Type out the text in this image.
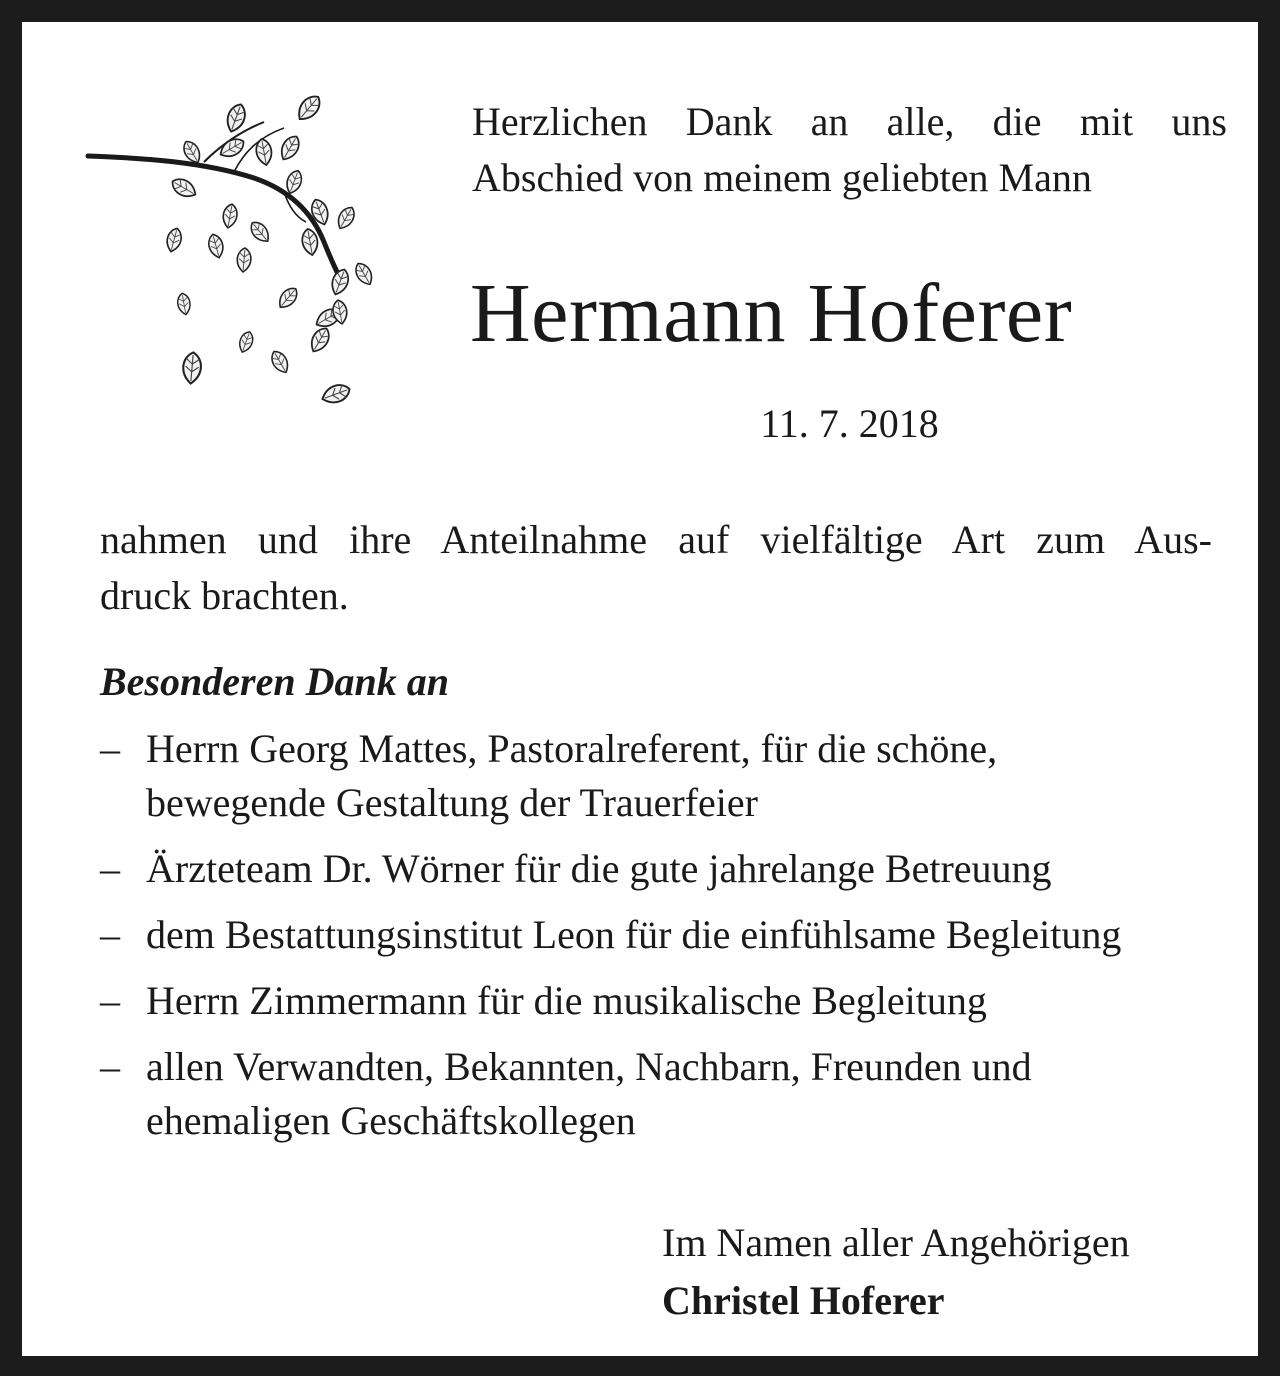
Herzlichen Dank an alle, die mit uns
Abschied von meinem geliebten Mann
Hermann Hoferer
11. 7. 2018
nahmen und ihre Anteilnahme auf vielfältige Art zum Aus-
druck brachten.
Besonderen Dank an
– Herrn Georg Mattes, Pastoralreferent, für die schöne,
bewegende Gestaltung der Trauerfeier
– Ärzteteam Dr. Wörner für die gute jahrelange Betreuung
– dem Bestattungsinstitut Leon für die einfühlsame Begleitung
– Herrn Zimmermann für die musikalische Begleitung
– allen Verwandten, Bekannten, Nachbarn, Freunden und
ehemaligen Geschäftskollegen
Im Namen aller Angehörigen
Christel Hoferer
